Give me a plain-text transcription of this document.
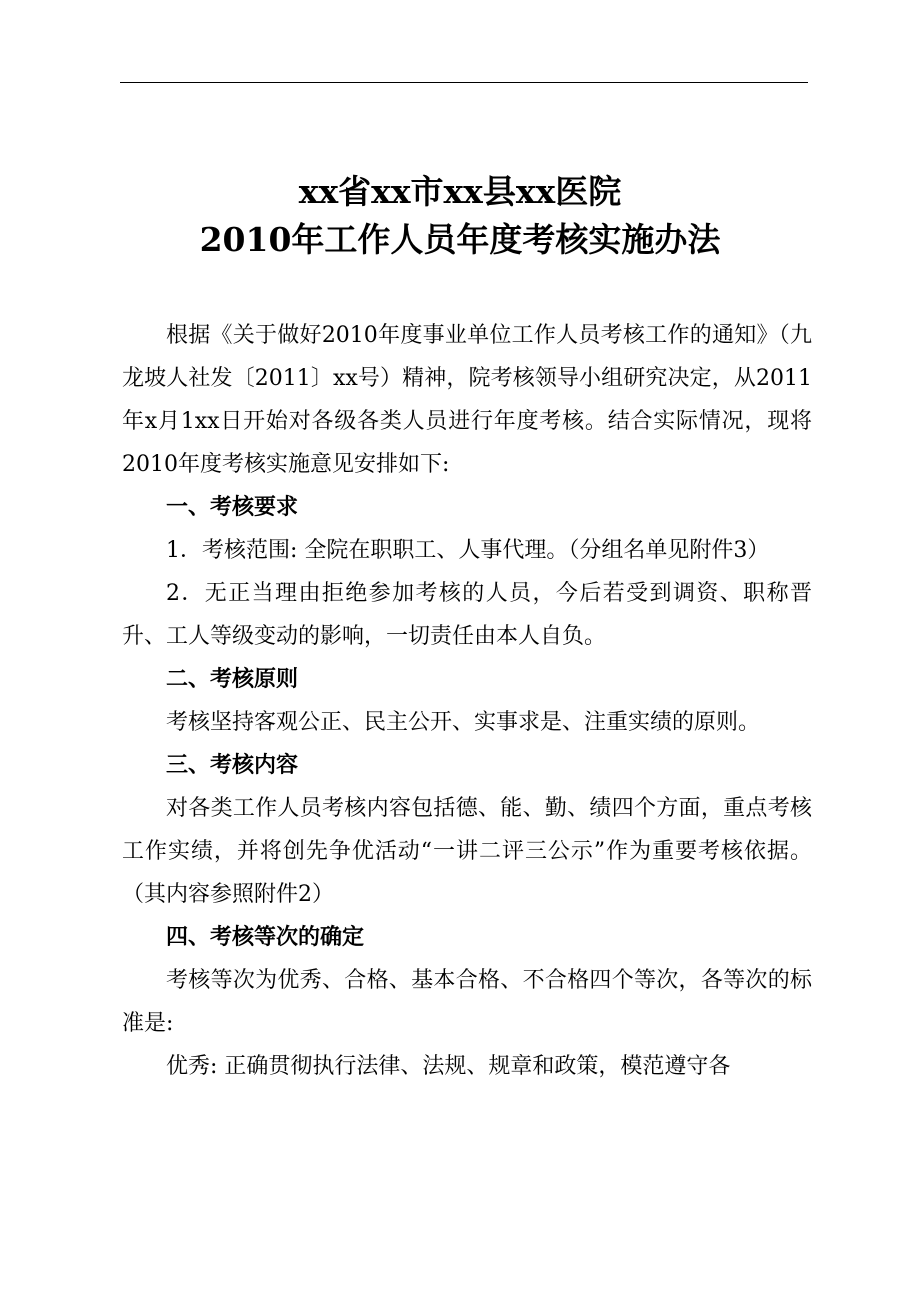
xx省xx市xx县xx医院
2010年工作人员年度考核实施办法

根据《关于做好2010年度事业单位工作人员考核工作的通知》（九龙坡人社发〔2011〕xx号）精神，院考核领导小组研究决定，从2011年x月1xx日开始对各级各类人员进行年度考核。结合实际情况，现将2010年度考核实施意见安排如下:

一、考核要求

1．考核范围: 全院在职职工、人事代理。（分组名单见附件3）

2．无正当理由拒绝参加考核的人员，今后若受到调资、职称晋升、工人等级变动的影响，一切责任由本人自负。

二、考核原则

考核坚持客观公正、民主公开、实事求是、注重实绩的原则。

三、考核内容

对各类工作人员考核内容包括德、能、勤、绩四个方面，重点考核工作实绩，并将创先争优活动“一讲二评三公示”作为重要考核依据。（其内容参照附件2）

四、考核等次的确定

考核等次为优秀、合格、基本合格、不合格四个等次，各等次的标准是:

优秀: 正确贯彻执行法律、法规、规章和政策，模范遵守各
